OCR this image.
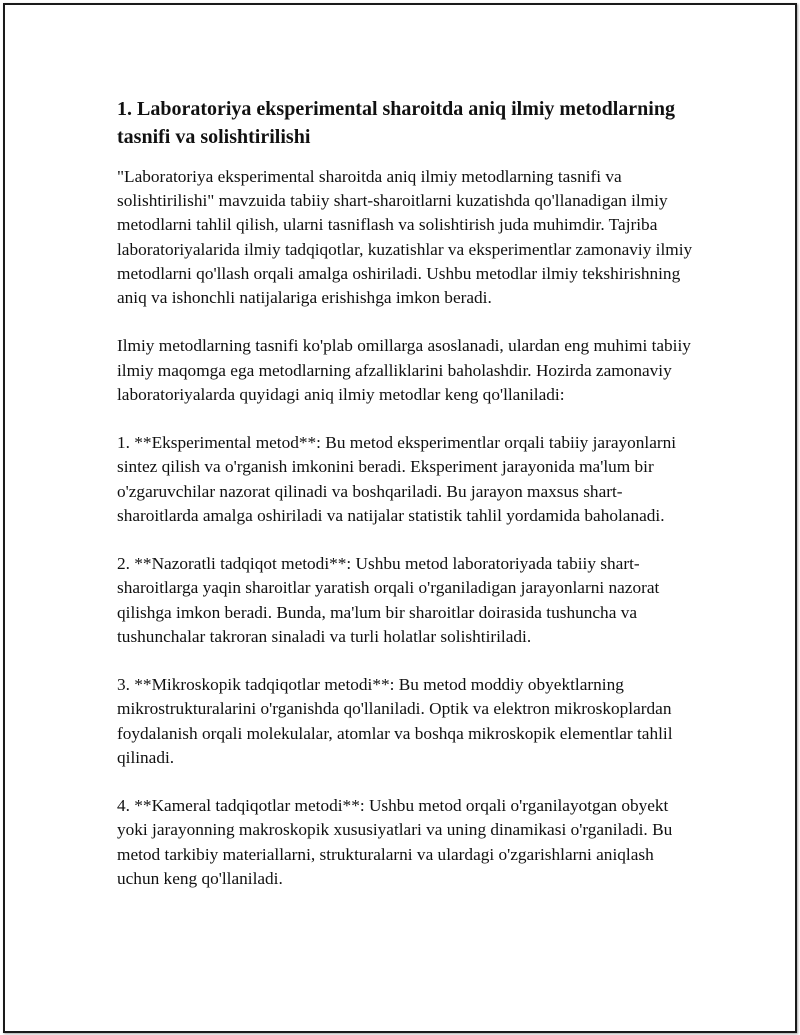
1. Laboratoriya eksperimental sharoitda aniq ilmiy metodlarning tasnifi va solishtirilishi

"Laboratoriya eksperimental sharoitda aniq ilmiy metodlarning tasnifi va solishtirilishi" mavzuida tabiiy shart-sharoitlarni kuzatishda qo'llanadigan ilmiy metodlarni tahlil qilish, ularni tasniflash va solishtirish juda muhimdir. Tajriba laboratoriyalarida ilmiy tadqiqotlar, kuzatishlar va eksperimentlar zamonaviy ilmiy metodlarni qo'llash orqali amalga oshiriladi. Ushbu metodlar ilmiy tekshirishning aniq va ishonchli natijalariga erishishga imkon beradi.

Ilmiy metodlarning tasnifi ko'plab omillarga asoslanadi, ulardan eng muhimi tabiiy ilmiy maqomga ega metodlarning afzalliklarini baholashdir. Hozirda zamonaviy laboratoriyalarda quyidagi aniq ilmiy metodlar keng qo'llaniladi:

1. **Eksperimental metod**: Bu metod eksperimentlar orqali tabiiy jarayonlarni sintez qilish va o'rganish imkonini beradi. Eksperiment jarayonida ma'lum bir o'zgaruvchilar nazorat qilinadi va boshqariladi. Bu jarayon maxsus shart-sharoitlarda amalga oshiriladi va natijalar statistik tahlil yordamida baholanadi.

2. **Nazoratli tadqiqot metodi**: Ushbu metod laboratoriyada tabiiy shart-sharoitlarga yaqin sharoitlar yaratish orqali o'rganiladigan jarayonlarni nazorat qilishga imkon beradi. Bunda, ma'lum bir sharoitlar doirasida tushuncha va tushunchalar takroran sinaladi va turli holatlar solishtiriladi.

3. **Mikroskopik tadqiqotlar metodi**: Bu metod moddiy obyektlarning mikrostrukturalarini o'rganishda qo'llaniladi. Optik va elektron mikroskoplardan foydalanish orqali molekulalar, atomlar va boshqa mikroskopik elementlar tahlil qilinadi.

4. **Kameral tadqiqotlar metodi**: Ushbu metod orqali o'rganilayotgan obyekt yoki jarayonning makroskopik xususiyatlari va uning dinamikasi o'rganiladi. Bu metod tarkibiy materiallarni, strukturalarni va ulardagi o'zgarishlarni aniqlash uchun keng qo'llaniladi.
